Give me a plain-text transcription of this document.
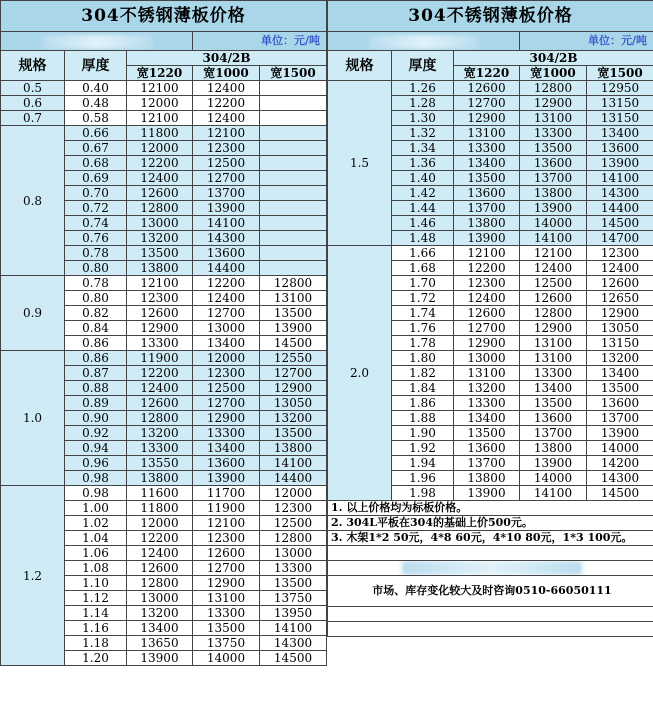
304不锈钢薄板价格				
			单位：元/吨	
规格	厚度	304/2B		
		宽1220	宽1000	宽1500
0.5	0.40	12100	12400	
0.6	0.48	12000	12200	
0.7	0.58	12100	12400	
0.8	0.66	11800	12100	
	0.67	12000	12300	
	0.68	12200	12500	
	0.69	12400	12700	
	0.70	12600	13700	
	0.72	12800	13900	
	0.74	13000	14100	
	0.76	13200	14300	
	0.78	13500	13600	
	0.80	13800	14400	
0.9	0.78	12100	12200	12800
	0.80	12300	12400	13100
	0.82	12600	12700	13500
	0.84	12900	13000	13900
	0.86	13300	13400	14500
1.0	0.86	11900	12000	12550
	0.87	12200	12300	12700
	0.88	12400	12500	12900
	0.89	12600	12700	13050
	0.90	12800	12900	13200
	0.92	13200	13300	13500
	0.94	13300	13400	13800
	0.96	13550	13600	14100
	0.98	13800	13900	14400
1.2	0.98	11600	11700	12000
	1.00	11800	11900	12300
	1.02	12000	12100	12500
	1.04	12200	12300	12800
	1.06	12400	12600	13000
	1.08	12600	12700	13300
	1.10	12800	12900	13500
	1.12	13000	13100	13750
	1.14	13200	13300	13950
	1.16	13400	13500	14100
	1.18	13650	13750	14300
	1.20	13900	14000	14500
304不锈钢薄板价格				
			单位：元/吨	
规格	厚度	304/2B		
		宽1220	宽1000	宽1500
1.5	1.26	12600	12800	12950
	1.28	12700	12900	13150
	1.30	12900	13100	13150
	1.32	13100	13300	13400
	1.34	13300	13500	13600
	1.36	13400	13600	13900
	1.40	13500	13700	14100
	1.42	13600	13800	14300
	1.44	13700	13900	14400
	1.46	13800	14000	14500
	1.48	13900	14100	14700
2.0	1.66	12100	12100	12300
	1.68	12200	12400	12400
	1.70	12300	12500	12600
	1.72	12400	12600	12650
	1.74	12600	12800	12900
	1.76	12700	12900	13050
	1.78	12900	13100	13150
	1.80	13000	13100	13200
	1.82	13100	13300	13400
	1.84	13200	13400	13500
	1.86	13300	13500	13600
	1.88	13400	13600	13700
	1.90	13500	13700	13900
	1.92	13600	13800	14000
	1.94	13700	13900	14200
	1.96	13800	14000	14300
	1.98	13900	14100	14500
1. 以上价格均为标板价格。				
2. 304L平板在304的基础上价500元。				
3. 木架1*2 50元，4*8 60元，4*10 80元，1*3 100元。				

市场、库存变化较大及时咨询0510-66050111				
